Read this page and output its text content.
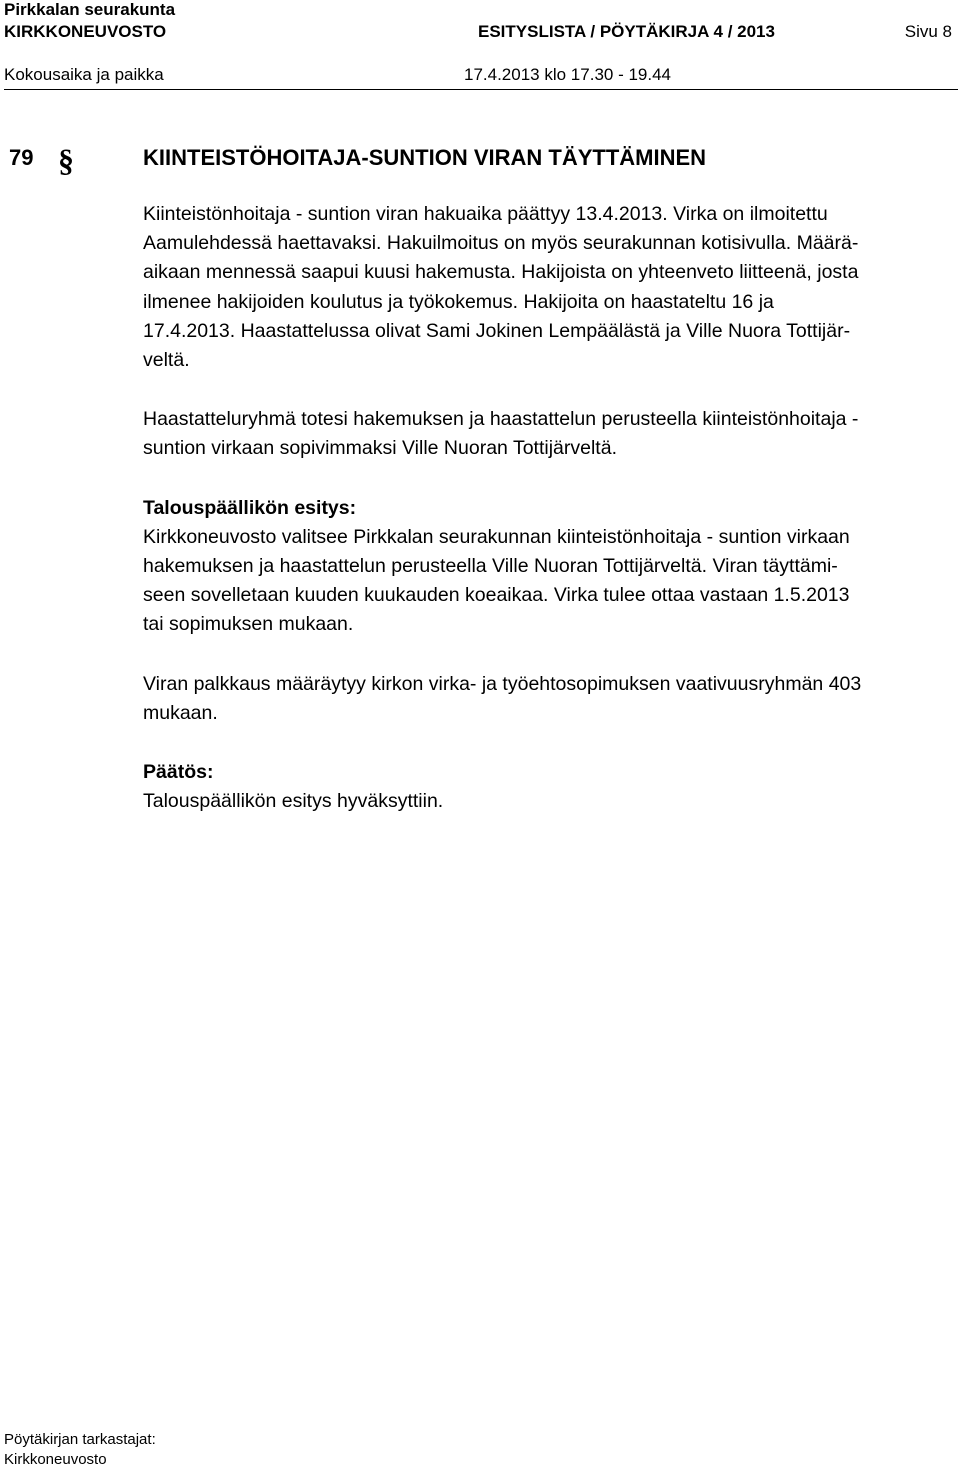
Pirkkalan seurakunta
KIRKKONEUVOSTO	ESITYSLISTA / PÖYTÄKIRJA 4 / 2013	Sivu 8
Kokousaika ja paikka	17.4.2013 klo 17.30 - 19.44
79 §	KIINTEISTÖHOITAJA-SUNTION VIRAN TÄYTTÄMINEN

Kiinteistönhoitaja - suntion viran hakuaika päättyy 13.4.2013. Virka on ilmoitettu
Aamulehdessä haettavaksi. Hakuilmoitus on myös seurakunnan kotisivulla. Määrä-
aikaan mennessä saapui kuusi hakemusta. Hakijoista on yhteenveto liitteenä, josta
ilmenee hakijoiden koulutus ja työkokemus. Hakijoita on haastateltu 16 ja
17.4.2013. Haastattelussa olivat Sami Jokinen Lempäälästä ja Ville Nuora Tottijär-
veltä.

Haastatteluryhmä totesi hakemuksen ja haastattelun perusteella kiinteistönhoitaja -
suntion virkaan sopivimmaksi Ville Nuoran Tottijärveltä.

Talouspäällikön esitys:
Kirkkoneuvosto valitsee Pirkkalan seurakunnan kiinteistönhoitaja - suntion virkaan
hakemuksen ja haastattelun perusteella Ville Nuoran Tottijärveltä. Viran täyttämi-
seen sovelletaan kuuden kuukauden koeaikaa. Virka tulee ottaa vastaan 1.5.2013
tai sopimuksen mukaan.

Viran palkkaus määräytyy kirkon virka- ja työehtosopimuksen vaativuusryhmän 403
mukaan.

Päätös:
Talouspäällikön esitys hyväksyttiin.

Pöytäkirjan tarkastajat:
Kirkkoneuvosto
